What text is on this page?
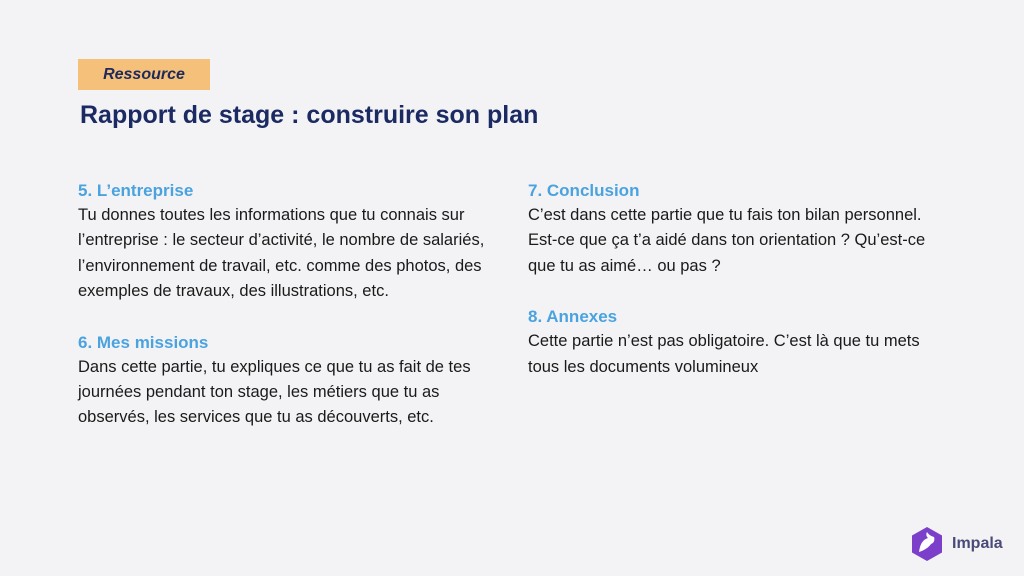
Ressource
Rapport de stage : construire son plan
5. L’entreprise

Tu donnes toutes les informations que tu connais sur l’entreprise : le secteur d’activité, le nombre de salariés, l’environnement de travail, etc. comme des photos, des exemples de travaux, des illustrations, etc.

6. Mes missions

Dans cette partie, tu expliques ce que tu as fait de tes journées pendant ton stage, les métiers que tu as observés, les services que tu as découverts, etc.

7. Conclusion

C’est dans cette partie que tu fais ton bilan personnel. Est-ce que ça t’a aidé dans ton orientation ? Qu’est-ce que tu as aimé… ou pas ?

8. Annexes

Cette partie n’est pas obligatoire. C’est là que tu mets tous les documents volumineux

Impala
